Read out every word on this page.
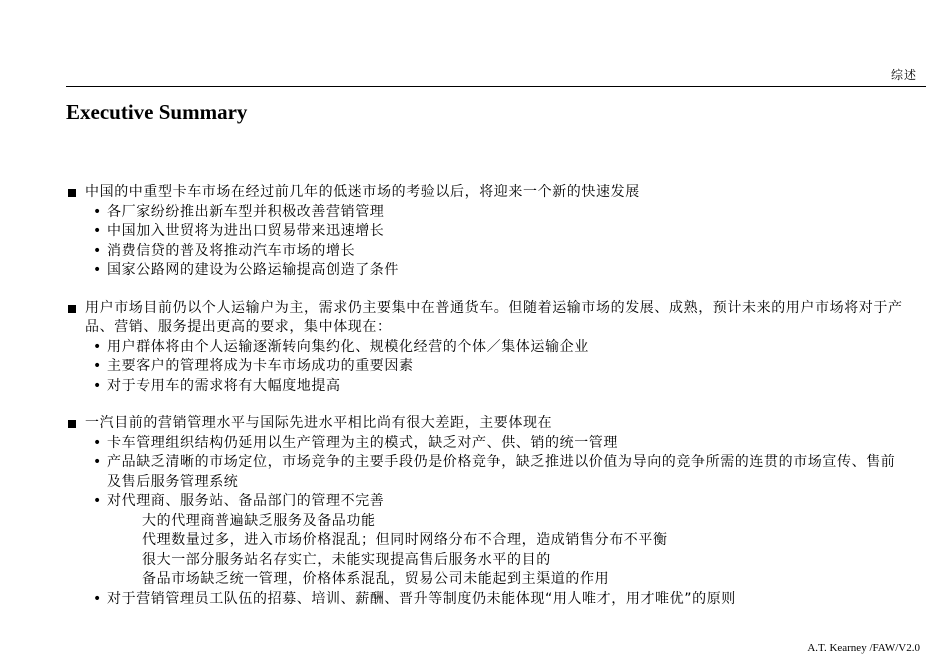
综述
Executive Summary
中国的中重型卡车市场在经过前几年的低迷市场的考验以后，将迎来一个新的快速发展
• 各厂家纷纷推出新车型并积极改善营销管理
• 中国加入世贸将为进出口贸易带来迅速增长
• 消费信贷的普及将推动汽车市场的增长
• 国家公路网的建设为公路运输提高创造了条件
用户市场目前仍以个人运输户为主，需求仍主要集中在普通货车。但随着运输市场的发展、成熟，预计未来的用户市场将对于产品、营销、服务提出更高的要求，集中体现在：
• 用户群体将由个人运输逐渐转向集约化、规模化经营的个体／集体运输企业
• 主要客户的管理将成为卡车市场成功的重要因素
• 对于专用车的需求将有大幅度地提高
一汽目前的营销管理水平与国际先进水平相比尚有很大差距，主要体现在
• 卡车管理组织结构仍延用以生产管理为主的模式，缺乏对产、供、销的统一管理
• 产品缺乏清晰的市场定位，市场竞争的主要手段仍是价格竞争，缺乏推进以价值为导向的竞争所需的连贯的市场宣传、售前及售后服务管理系统
• 对代理商、服务站、备品部门的管理不完善
大的代理商普遍缺乏服务及备品功能
代理数量过多，进入市场价格混乱；但同时网络分布不合理，造成销售分布不平衡
很大一部分服务站名存实亡，未能实现提高售后服务水平的目的
备品市场缺乏统一管理，价格体系混乱，贸易公司未能起到主渠道的作用
• 对于营销管理员工队伍的招募、培训、薪酬、晋升等制度仍未能体现“用人唯才，用才唯优”的原则
A.T. Kearney /FAW/V2.0
